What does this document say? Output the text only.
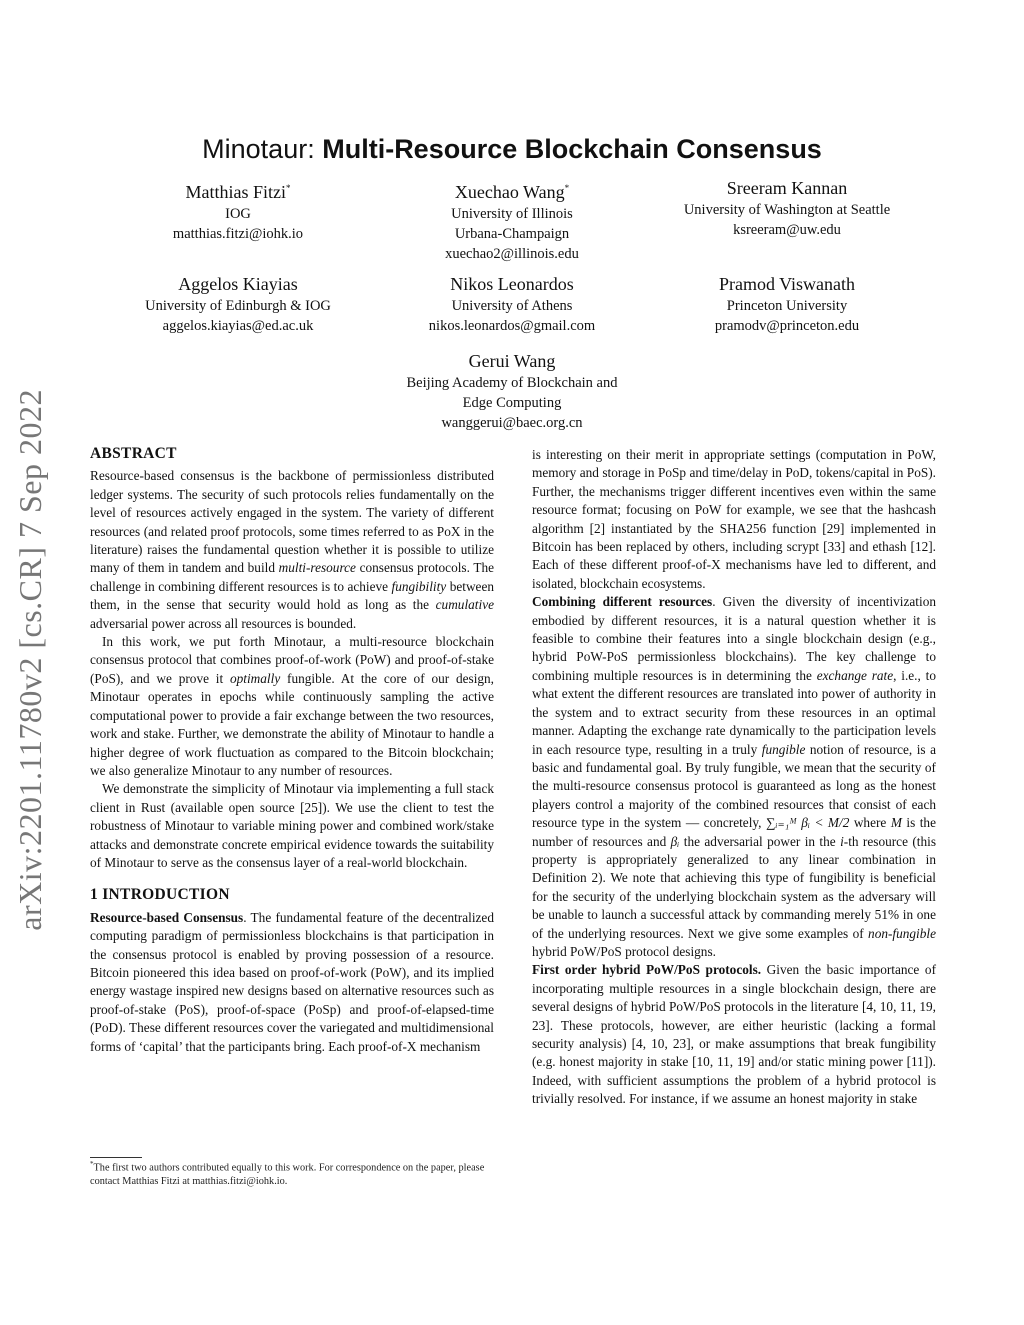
arXiv:2201.11780v2 [cs.CR] 7 Sep 2022
Minotaur: Multi-Resource Blockchain Consensus
Matthias Fitzi*
IOG
matthias.fitzi@iohk.io
Xuechao Wang*
University of Illinois
Urbana-Champaign
xuechao2@illinois.edu
Sreeram Kannan
University of Washington at Seattle
ksreeram@uw.edu
Aggelos Kiayias
University of Edinburgh & IOG
aggelos.kiayias@ed.ac.uk
Nikos Leonardos
University of Athens
nikos.leonardos@gmail.com
Pramod Viswanath
Princeton University
pramodv@princeton.edu
Gerui Wang
Beijing Academy of Blockchain and
Edge Computing
wanggerui@baec.org.cn
ABSTRACT

Resource-based consensus is the backbone of permissionless distributed ledger systems. The security of such protocols relies fundamentally on the level of resources actively engaged in the system. The variety of different resources (and related proof protocols, some times referred to as PoX in the literature) raises the fundamental question whether it is possible to utilize many of them in tandem and build multi-resource consensus protocols. The challenge in combining different resources is to achieve fungibility between them, in the sense that security would hold as long as the cumulative adversarial power across all resources is bounded.

In this work, we put forth Minotaur, a multi-resource blockchain consensus protocol that combines proof-of-work (PoW) and proof-of-stake (PoS), and we prove it optimally fungible. At the core of our design, Minotaur operates in epochs while continuously sampling the active computational power to provide a fair exchange between the two resources, work and stake. Further, we demonstrate the ability of Minotaur to handle a higher degree of work fluctuation as compared to the Bitcoin blockchain; we also generalize Minotaur to any number of resources.

We demonstrate the simplicity of Minotaur via implementing a full stack client in Rust (available open source [25]). We use the client to test the robustness of Minotaur to variable mining power and combined work/stake attacks and demonstrate concrete empirical evidence towards the suitability of Minotaur to serve as the consensus layer of a real-world blockchain.

1 INTRODUCTION

Resource-based Consensus. The fundamental feature of the decentralized computing paradigm of permissionless blockchains is that participation in the consensus protocol is enabled by proving possession of a resource. Bitcoin pioneered this idea based on proof-of-work (PoW), and its implied energy wastage inspired new designs based on alternative resources such as proof-of-stake (PoS), proof-of-space (PoSp) and proof-of-elapsed-time (PoD). These different resources cover the variegated and multidimensional forms of ‘capital’ that the participants bring. Each proof-of-X mechanism

*The first two authors contributed equally to this work. For correspondence on the paper, please contact Matthias Fitzi at matthias.fitzi@iohk.io.

is interesting on their merit in appropriate settings (computation in PoW, memory and storage in PoSp and time/delay in PoD, tokens/capital in PoS). Further, the mechanisms trigger different incentives even within the same resource format; focusing on PoW for example, we see that the hashcash algorithm [2] instantiated by the SHA256 function [29] implemented in Bitcoin has been replaced by others, including scrypt [33] and ethash [12]. Each of these different proof-of-X mechanisms have led to different, and isolated, blockchain ecosystems.

Combining different resources. Given the diversity of incentivization embodied by different resources, it is a natural question whether it is feasible to combine their features into a single blockchain design (e.g., hybrid PoW-PoS permissionless blockchains). The key challenge to combining multiple resources is in determining the exchange rate, i.e., to what extent the different resources are translated into power of authority in the system and to extract security from these resources in an optimal manner. Adapting the exchange rate dynamically to the participation levels in each resource type, resulting in a truly fungible notion of resource, is a basic and fundamental goal. By truly fungible, we mean that the security of the multi-resource consensus protocol is guaranteed as long as the honest players control a majority of the combined resources that consist of each resource type in the system — concretely, ∑ᵢ₌₁ᴹ βᵢ < M/2 where M is the number of resources and βᵢ the adversarial power in the i-th resource (this property is appropriately generalized to any linear combination in Definition 2). We note that achieving this type of fungibility is beneficial for the security of the underlying blockchain system as the adversary will be unable to launch a successful attack by commanding merely 51% in one of the underlying resources. Next we give some examples of non-fungible hybrid PoW/PoS protocol designs.

First order hybrid PoW/PoS protocols. Given the basic importance of incorporating multiple resources in a single blockchain design, there are several designs of hybrid PoW/PoS protocols in the literature [4, 10, 11, 19, 23]. These protocols, however, are either heuristic (lacking a formal security analysis) [4, 10, 23], or make assumptions that break fungibility (e.g. honest majority in stake [10, 11, 19] and/or static mining power [11]). Indeed, with sufficient assumptions the problem of a hybrid protocol is trivially resolved. For instance, if we assume an honest majority in stake
